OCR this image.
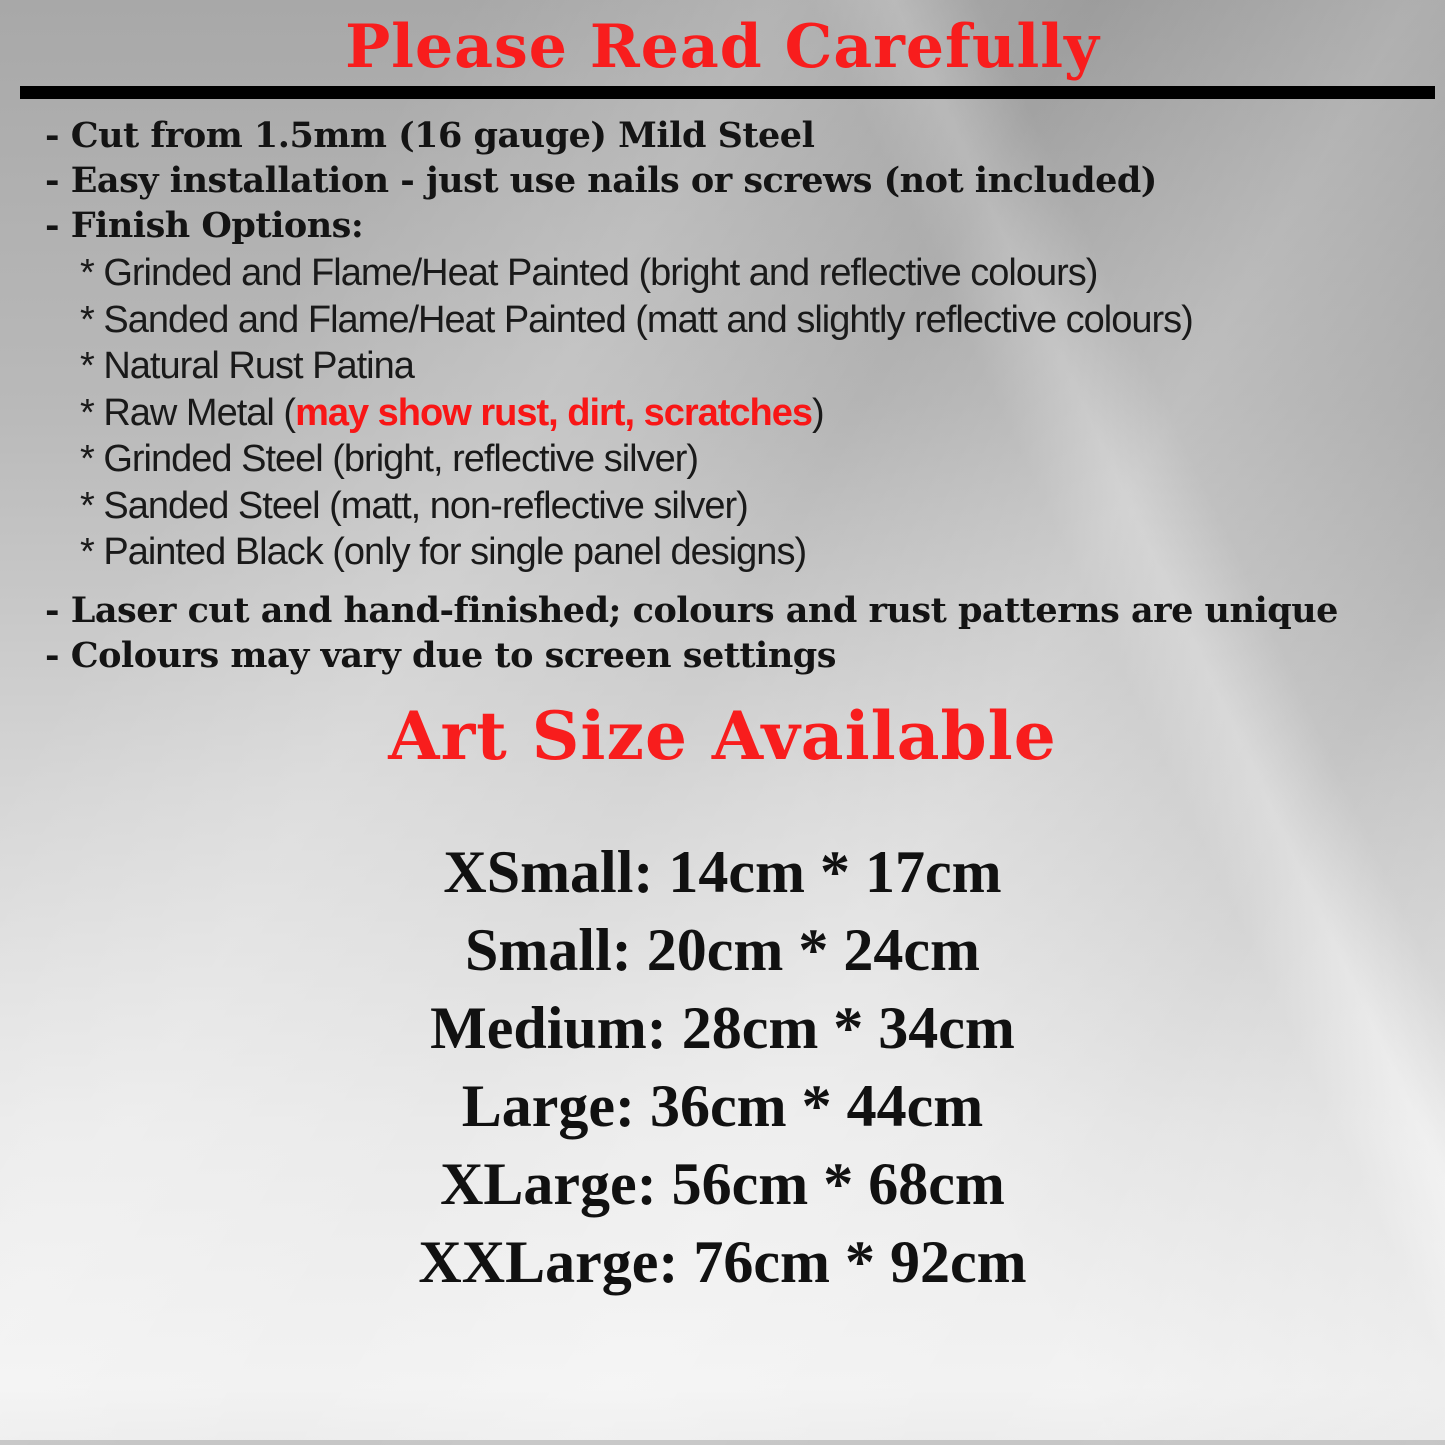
Please Read Carefully
- Cut from 1.5mm (16 gauge) Mild Steel
- Easy installation - just use nails or screws (not included)
- Finish Options:
* Grinded and Flame/Heat Painted (bright and reflective colours)
* Sanded and Flame/Heat Painted (matt and slightly reflective colours)
* Natural Rust Patina
* Raw Metal (may show rust, dirt, scratches)
* Grinded Steel (bright, reflective silver)
* Sanded Steel (matt, non-reflective silver)
* Painted Black (only for single panel designs)
- Laser cut and hand-finished; colours and rust patterns are unique
- Colours may vary due to screen settings
Art Size Available
XSmall: 14cm * 17cm
Small: 20cm * 24cm
Medium: 28cm * 34cm
Large: 36cm * 44cm
XLarge: 56cm * 68cm
XXLarge: 76cm * 92cm
